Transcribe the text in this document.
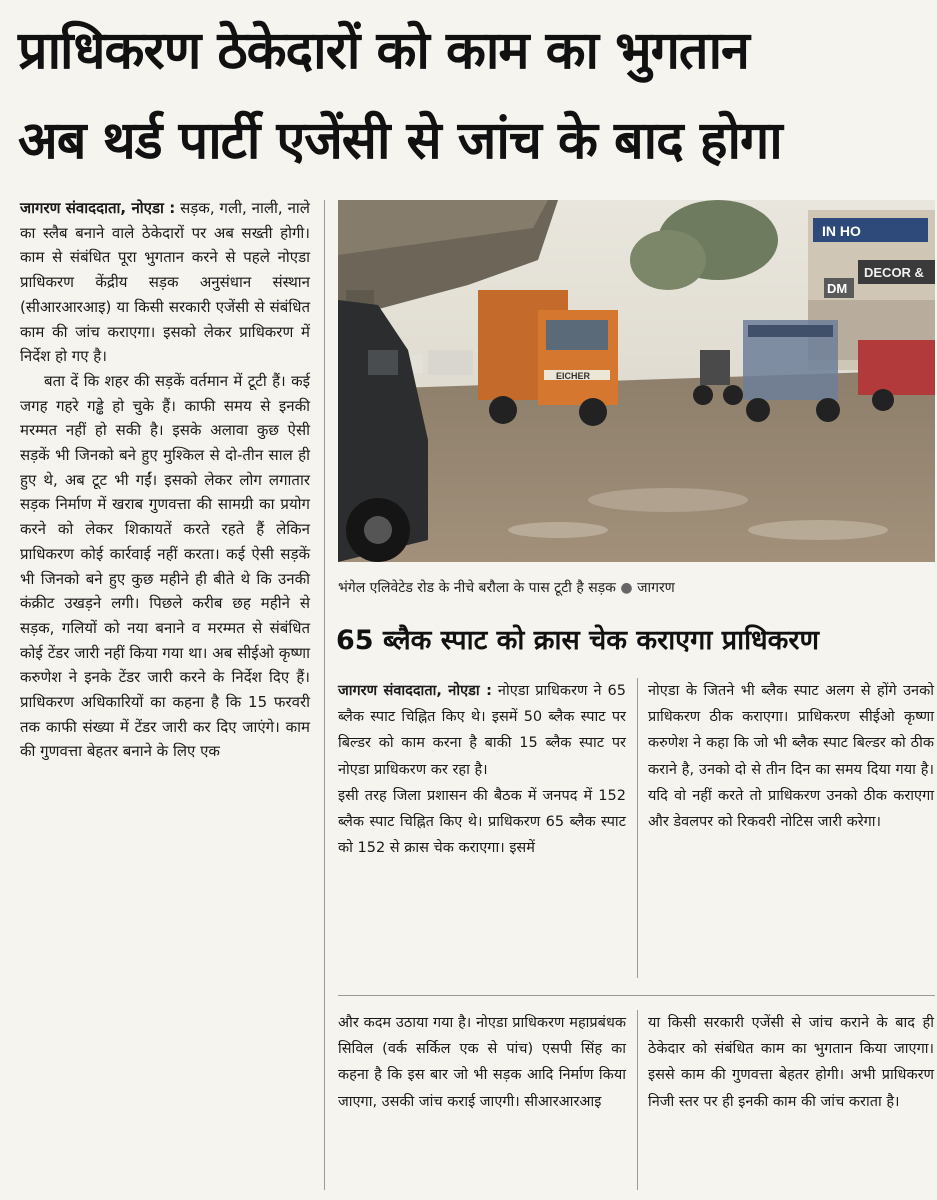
प्राधिकरण ठेकेदारों को काम का भुगतान
अब थर्ड पार्टी एजेंसी से जांच के बाद होगा

जागरण संवाददाता, नोएडा : सड़क, गली, नाली, नाले का स्लैब बनाने वाले ठेकेदारों पर अब सख्ती होगी। काम से संबंधित पूरा भुगतान करने से पहले नोएडा प्राधिकरण केंद्रीय सड़क अनुसंधान संस्थान (सीआरआरआइ) या किसी सरकारी एजेंसी से संबंधित काम की जांच कराएगा। इसको लेकर प्राधिकरण में निर्देश हो गए है।

बता दें कि शहर की सड़कें वर्तमान में टूटी हैं। कई जगह गहरे गड्ढे हो चुके हैं। काफी समय से इनकी मरम्मत नहीं हो सकी है। इसके अलावा कुछ ऐसी सड़कें भी जिनको बने हुए मुश्किल से दो-तीन साल ही हुए थे, अब टूट भी गईं। इसको लेकर लोग लगातार सड़क निर्माण में खराब गुणवत्ता की सामग्री का प्रयोग करने को लेकर शिकायतें करते रहते हैं लेकिन प्राधिकरण कोई कार्रवाई नहीं करता। कई ऐसी सड़कें भी जिनको बने हुए कुछ महीने ही बीते थे कि उनकी कंक्रीट उखड़ने लगी। पिछले करीब छह महीने से सड़क, गलियों को नया बनाने व मरम्मत से संबंधित कोई टेंडर जारी नहीं किया गया था। अब सीईओ कृष्णा करुणेश ने इनके टेंडर जारी करने के निर्देश दिए हैं। प्राधिकरण अधिकारियों का कहना है कि 15 फरवरी तक काफी संख्या में टेंडर जारी कर दिए जाएंगे। काम की गुणवत्ता बेहतर बनाने के लिए एक

IN HO
DECOR &
DM
EICHER
भंगेल एलिवेटेड रोड के नीचे बरौला के पास टूटी है सड़क ● जागरण
65 ब्लैक स्पाट को क्रास चेक कराएगा प्राधिकरण

जागरण संवाददाता, नोएडा : नोएडा प्राधिकरण ने 65 ब्लैक स्पाट चिह्नित किए थे। इसमें 50 ब्लैक स्पाट पर बिल्डर को काम करना है बाकी 15 ब्लैक स्पाट पर नोएडा प्राधिकरण कर रहा है।

इसी तरह जिला प्रशासन की बैठक में जनपद में 152 ब्लैक स्पाट चिह्नित किए थे। प्राधिकरण 65 ब्लैक स्पाट को 152 से क्रास चेक कराएगा। इसमें

नोएडा के जितने भी ब्लैक स्पाट अलग से होंगे उनको प्राधिकरण ठीक कराएगा। प्राधिकरण सीईओ कृष्णा करुणेश ने कहा कि जो भी ब्लैक स्पाट बिल्डर को ठीक कराने है, उनको दो से तीन दिन का समय दिया गया है। यदि वो नहीं करते तो प्राधिकरण उनको ठीक कराएगा और डेवलपर को रिकवरी नोटिस जारी करेगा।

और कदम उठाया गया है। नोएडा प्राधिकरण महाप्रबंधक सिविल (वर्क सर्किल एक से पांच) एसपी सिंह का कहना है कि इस बार जो भी सड़क आदि निर्माण किया जाएगा, उसकी जांच कराई जाएगी। सीआरआरआइ

या किसी सरकारी एजेंसी से जांच कराने के बाद ही ठेकेदार को संबंधित काम का भुगतान किया जाएगा। इससे काम की गुणवत्ता बेहतर होगी। अभी प्राधिकरण निजी स्तर पर ही इनकी काम की जांच कराता है।
